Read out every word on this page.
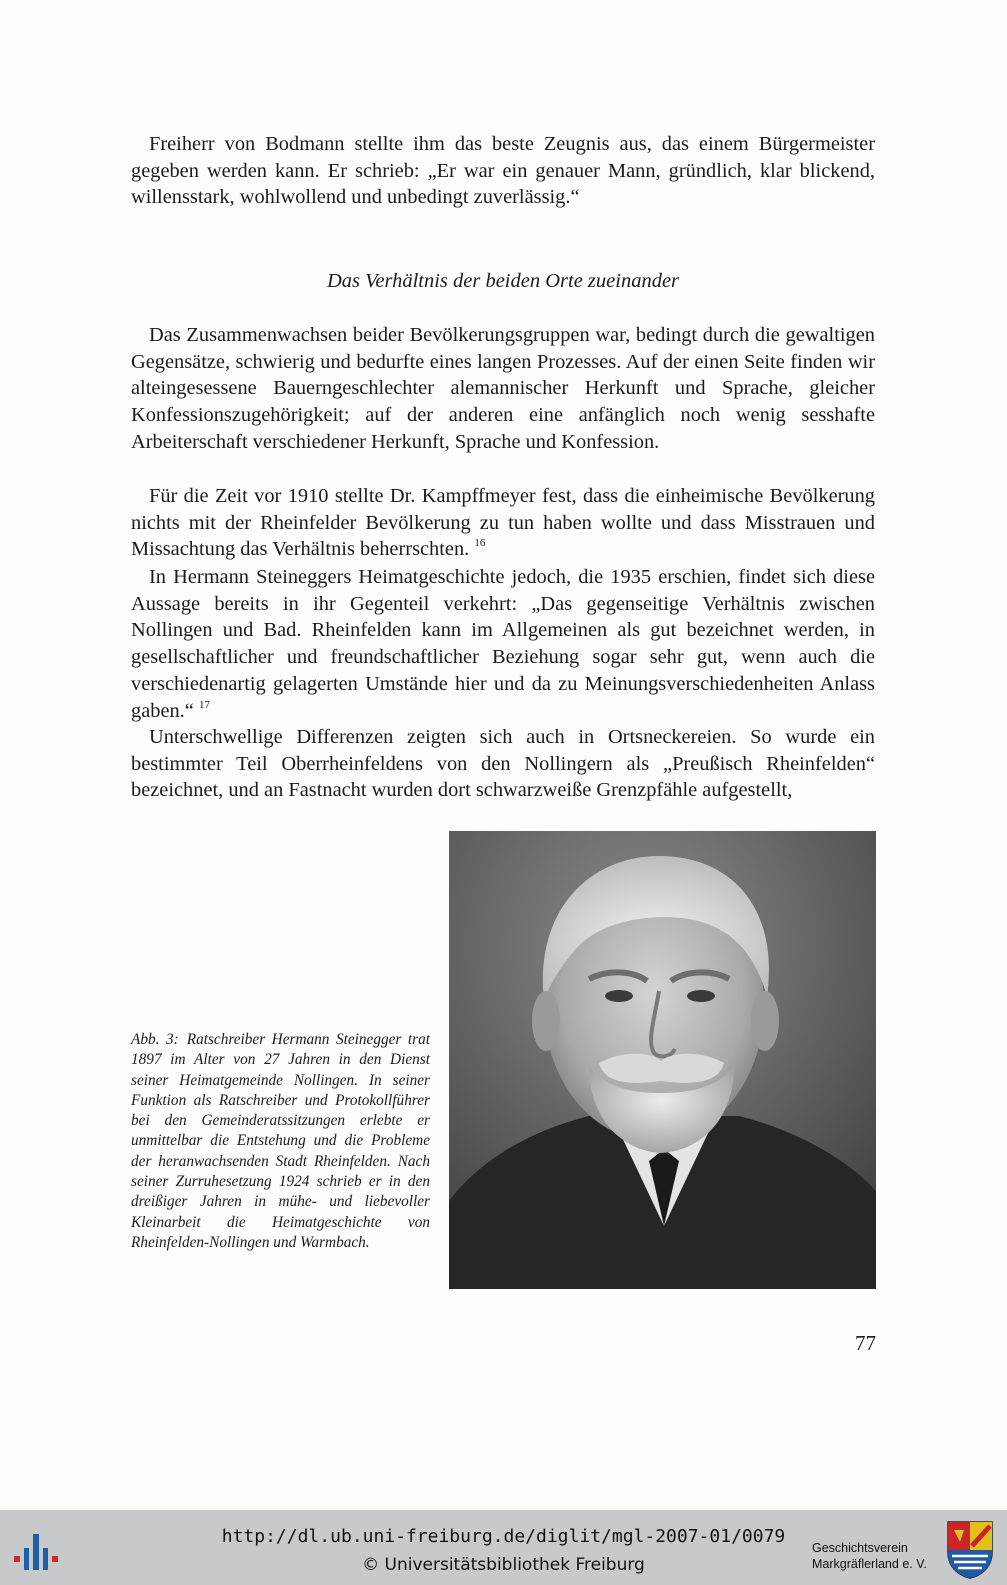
Freiherr von Bodmann stellte ihm das beste Zeugnis aus, das einem Bürgermeister gegeben werden kann. Er schrieb: „Er war ein genauer Mann, gründlich, klar blickend, willensstark, wohlwollend und unbedingt zuverlässig.“

Das Verhältnis der beiden Orte zueinander

Das Zusammenwachsen beider Bevölkerungsgruppen war, bedingt durch die gewaltigen Gegensätze, schwierig und bedurfte eines langen Prozesses. Auf der einen Seite finden wir alteingesessene Bauerngeschlechter alemannischer Herkunft und Sprache, gleicher Konfessionszugehörigkeit; auf der anderen eine anfänglich noch wenig sesshafte Arbeiterschaft verschiedener Herkunft, Sprache und Konfession.

Für die Zeit vor 1910 stellte Dr. Kampffmeyer fest, dass die einheimische Bevölkerung nichts mit der Rheinfelder Bevölkerung zu tun haben wollte und dass Misstrauen und Missachtung das Verhältnis beherrschten. $^{16}$

In Hermann Steineggers Heimatgeschichte jedoch, die 1935 erschien, findet sich diese Aussage bereits in ihr Gegenteil verkehrt: „Das gegenseitige Verhältnis zwischen Nollingen und Bad. Rheinfelden kann im Allgemeinen als gut bezeichnet werden, in gesellschaftlicher und freundschaftlicher Beziehung sogar sehr gut, wenn auch die verschiedenartig gelagerten Umstände hier und da zu Meinungsverschiedenheiten Anlass gaben.“ $^{17}$

Unterschwellige Differenzen zeigten sich auch in Ortsneckereien. So wurde ein bestimmter Teil Oberrheinfeldens von den Nollingern als „Preußisch Rheinfelden“ bezeichnet, und an Fastnacht wurden dort schwarzweiße Grenzpfähle aufgestellt,

Abb. 3: Ratschreiber Hermann Steinegger trat 1897 im Alter von 27 Jahren in den Dienst seiner Heimatgemeinde Nollingen. In seiner Funktion als Ratschreiber und Protokollführer bei den Gemeinderatssitzungen erlebte er unmittelbar die Entstehung und die Probleme der heranwachsenden Stadt Rheinfelden. Nach seiner Zurruhesetzung 1924 schrieb er in den dreißiger Jahren in mühe- und liebevoller Kleinarbeit die Heimatgeschichte von Rheinfelden-Nollingen und Warmbach.

77

http://dl.ub.uni-freiburg.de/diglit/mgl-2007-01/0079
© Universitätsbibliothek Freiburg
Geschichtsverein
Markgräflerland e. V.
